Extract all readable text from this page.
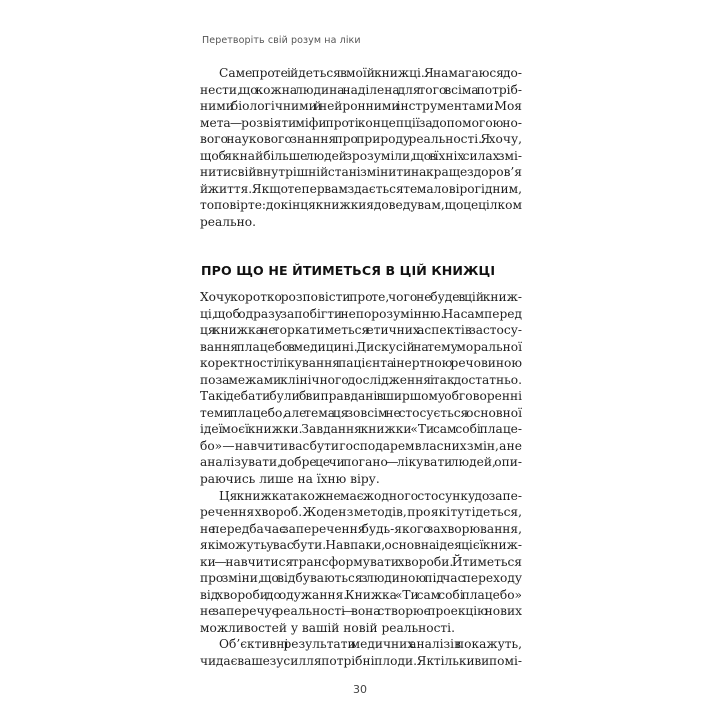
Перетворіть свій розум на ліки
Саме про те і йдеться в моїй книжці. Я намагаюся до-
нести, що кожна людина наділена для того всіма потріб-
ними біологічними й нейронними інструментами. Моя
мета — розвіяти міфи про ті концепції за допомогою но-
вого наукового знання про природу реальності. Я хочу,
щоб якнайбільше людей зрозуміли, що в їхніх силах змі-
нити свій внутрішній стан і змінити на краще здоров’я
й життя. Якщо тепер вам здається те маловірогідним,
то повірте: до кінця книжки я доведу вам, що це цілком
реально.
ПРО ЩО НЕ ЙТИМЕТЬСЯ В ЦІЙ КНИЖЦІ
Хочу коротко розповісти про те, чого не буде в цій книж-
ці, щоб одразу запобігти непорозумінню. Насамперед
ця книжка не торкатиметься етичних аспектів застосу-
вання плацебо в медицині. Дискусій на тему моральної
коректності лікування пацієнта інертною речовиною
поза межами клінічного дослідження і так достатньо.
Такі дебати були б виправдані в ширшому обговоренні
теми плацебо, але тема ця зовсім не стосується основної
ідеї моєї книжки. Завдання книжки «Ти сам собі плаце-
бо» — навчити вас бути господарем власних змін, а не
аналізувати, добре це чи погано — лікувати людей, опи-
раючись лише на їхню віру.
Ця книжка також не має жодного стосунку до запе-
речення хвороб. Жоден з методів, про які тут ідеться,
не передбачає заперечення будь-якого захворювання,
які можуть у вас бути. Навпаки, основна ідея цієї книж-
ки — навчитися трансформувати хвороби. Йтиметься
про зміни, що відбуваються з людиною під час переходу
від хвороби до одужання. Книжка «Ти сам собі плацебо»
не заперечує реальності — вона створює проекцію нових
можливостей у вашій новій реальності.
Об’єктивні результати медичних аналізів покажуть,
чи дає ваше зусилля потрібні плоди. Як тільки ви помі-
30
